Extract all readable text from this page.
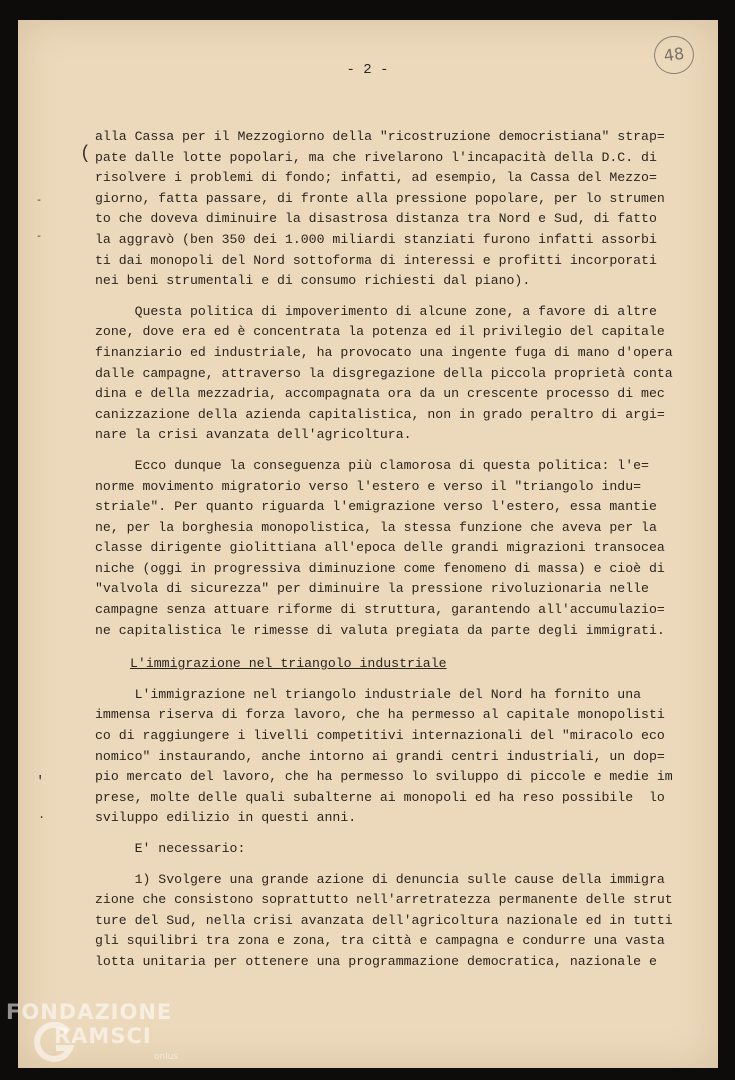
48
- 2 -
(
-
-
'
.

alla Cassa per il Mezzogiorno della "ricostruzione democristiana" strap=

pate dalle lotte popolari, ma che rivelarono l'incapacità della D.C. di

risolvere i problemi di fondo; infatti, ad esempio, la Cassa del Mezzo=

giorno, fatta passare, di fronte alla pressione popolare, per lo strumen

to che doveva diminuire la disastrosa distanza tra Nord e Sud, di fatto

la aggravò (ben 350 dei 1.000 miliardi stanziati furono infatti assorbi

ti dai monopoli del Nord sottoforma di interessi e profitti incorporati

nei beni strumentali e di consumo richiesti dal piano).

Questa politica di impoverimento di alcune zone, a favore di altre

zone, dove era ed è concentrata la potenza ed il privilegio del capitale

finanziario ed industriale, ha provocato una ingente fuga di mano d'opera

dalle campagne, attraverso la disgregazione della piccola proprietà conta

dina e della mezzadria, accompagnata ora da un crescente processo di mec

canizzazione della azienda capitalistica, non in grado peraltro di argi=

nare la crisi avanzata dell'agricoltura.

Ecco dunque la conseguenza più clamorosa di questa politica: l'e=

norme movimento migratorio verso l'estero e verso il "triangolo indu=

striale". Per quanto riguarda l'emigrazione verso l'estero, essa mantie

ne, per la borghesia monopolistica, la stessa funzione che aveva per la

classe dirigente giolittiana all'epoca delle grandi migrazioni transocea

niche (oggi in progressiva diminuzione come fenomeno di massa) e cioè di

"valvola di sicurezza" per diminuire la pressione rivoluzionaria nelle

campagne senza attuare riforme di struttura, garantendo all'accumulazio=

ne capitalistica le rimesse di valuta pregiata da parte degli immigrati.

L'immigrazione nel triangolo industriale

L'immigrazione nel triangolo industriale del Nord ha fornito una

immensa riserva di forza lavoro, che ha permesso al capitale monopolisti

co di raggiungere i livelli competitivi internazionali del "miracolo eco

nomico" instaurando, anche intorno ai grandi centri industriali, un dop=

pio mercato del lavoro, che ha permesso lo sviluppo di piccole e medie im

prese, molte delle quali subalterne ai monopoli ed ha reso possibile  lo

sviluppo edilizio in questi anni.

E' necessario:

1) Svolgere una grande azione di denuncia sulle cause della immigra

zione che consistono soprattutto nell'arretratezza permanente delle strut

ture del Sud, nella crisi avanzata dell'agricoltura nazionale ed in tutti

gli squilibri tra zona e zona, tra città e campagna e condurre una vasta

lotta unitaria per ottenere una programmazione democratica, nazionale e

FONDAZIONE
RAMSCI
onlus
